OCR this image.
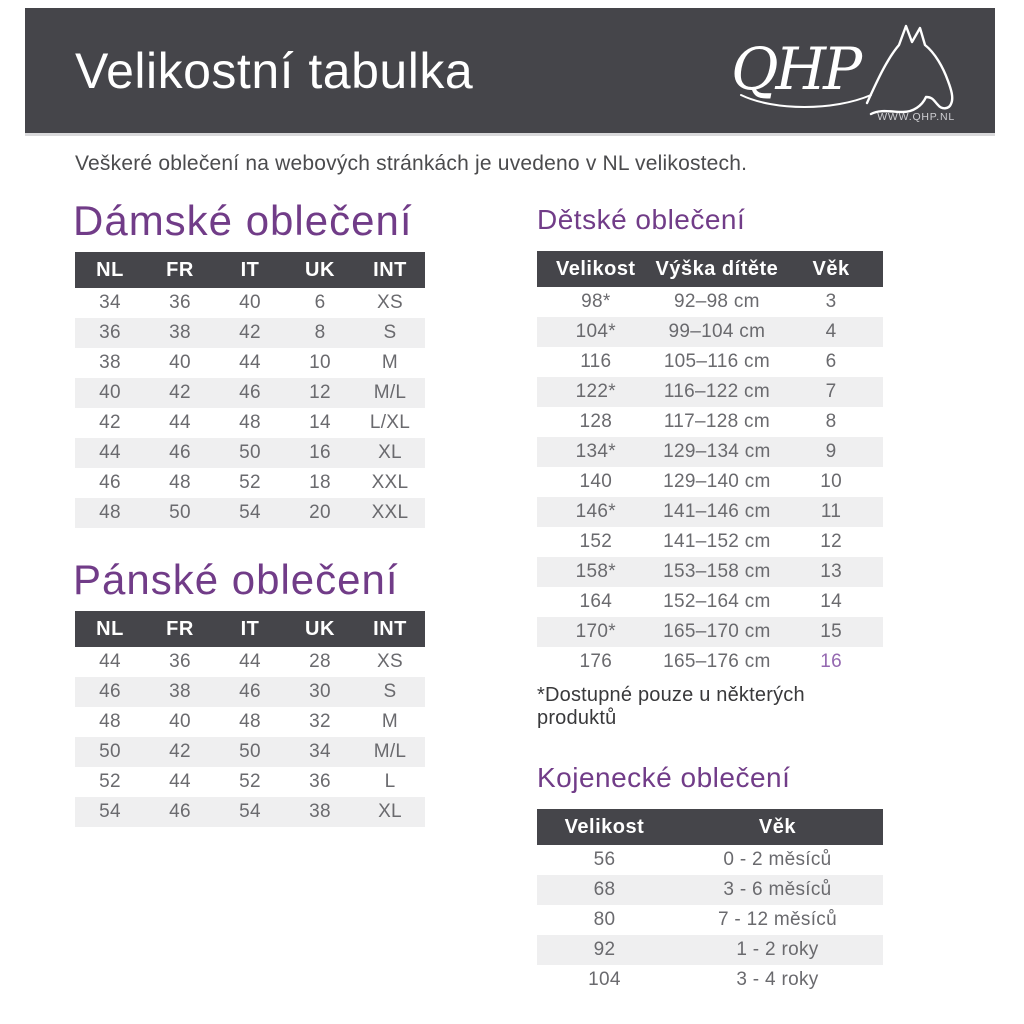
Velikostní tabulka	QHP
WWW.QHP.NL

Veškeré oblečení na webových stránkách je uvedeno v NL velikostech.

Dámské oblečení
NL	FR	IT	UK	INT
34	36	40	6	XS
36	38	42	8	S
38	40	44	10	M
40	42	46	12	M/L
42	44	48	14	L/XL
44	46	50	16	XL
46	48	52	18	XXL
48	50	54	20	XXL
Pánské oblečení
NL	FR	IT	UK	INT
44	36	44	28	XS
46	38	46	30	S
48	40	48	32	M
50	42	50	34	M/L
52	44	52	36	L
54	46	54	38	XL
Dětské oblečení
Velikost	Výška dítěte	Věk
98*	92–98 cm	3
104*	99–104 cm	4
116	105–116 cm	6
122*	116–122 cm	7
128	117–128 cm	8
134*	129–134 cm	9
140	129–140 cm	10
146*	141–146 cm	11
152	141–152 cm	12
158*	153–158 cm	13
164	152–164 cm	14
170*	165–170 cm	15
176	165–176 cm	16

*Dostupné pouze u některých produktů

Kojenecké oblečení
Velikost	Věk
56	0 - 2 měsíců
68	3 - 6 měsíců
80	7 - 12 měsíců
92	1 - 2 roky
104	3 - 4 roky
